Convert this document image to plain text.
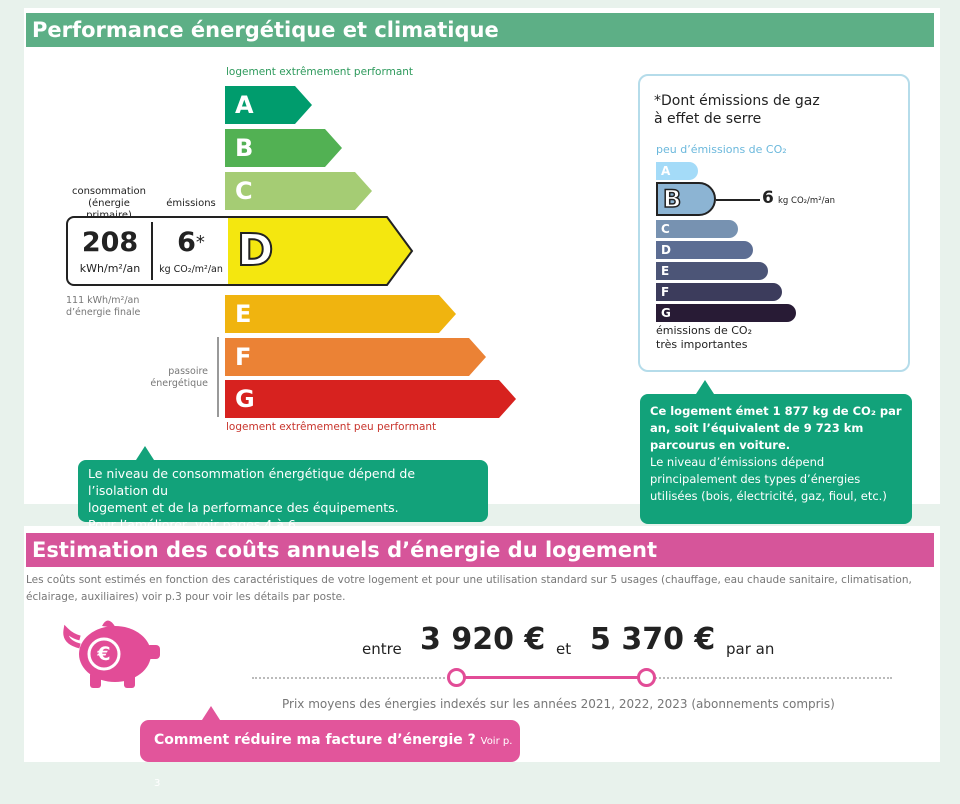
Performance énergétique et climatique
logement extrêmement performant
A
B
C
D
E
F
G
consommation
(énergie	émissions
208
kWh/m²/an
6*
kg CO₂/m²/an
111 kWh/m²/an
d’énergie finale
passoire
énergétique
logement extrêmement peu performant
Le niveau de consommation énergétique dépend de l’isolation du
logement et de la performance des équipements.
Pour l’améliorer, voir pages 4 à 6
*Dont émissions de gaz
à effet de serre
peu d’émissions de CO₂
A
B
C
D
E
F
G
6 kg CO₂/m²/an
émissions de CO₂
très importantes
Ce logement émet 1 877 kg de CO₂ par
an, soit l’équivalent de 9 723 km
parcourus en voiture.
Le niveau d’émissions dépend
principalement des types d’énergies
utilisées (bois, électricité, gaz, fioul, etc.)
Estimation des coûts annuels d’énergie du logement
Les coûts sont estimés en fonction des caractéristiques de votre logement et pour une utilisation standard sur 5 usages (chauffage, eau chaude sanitaire, climatisation,
éclairage, auxiliaires) voir p.3 pour voir les détails par poste.
€	entre 3 920 € et 5 370 € par an
Prix moyens des énergies indexés sur les années 2021, 2022, 2023 (abonnements compris)
Comment réduire ma facture d’énergie ? Voir p. 3
